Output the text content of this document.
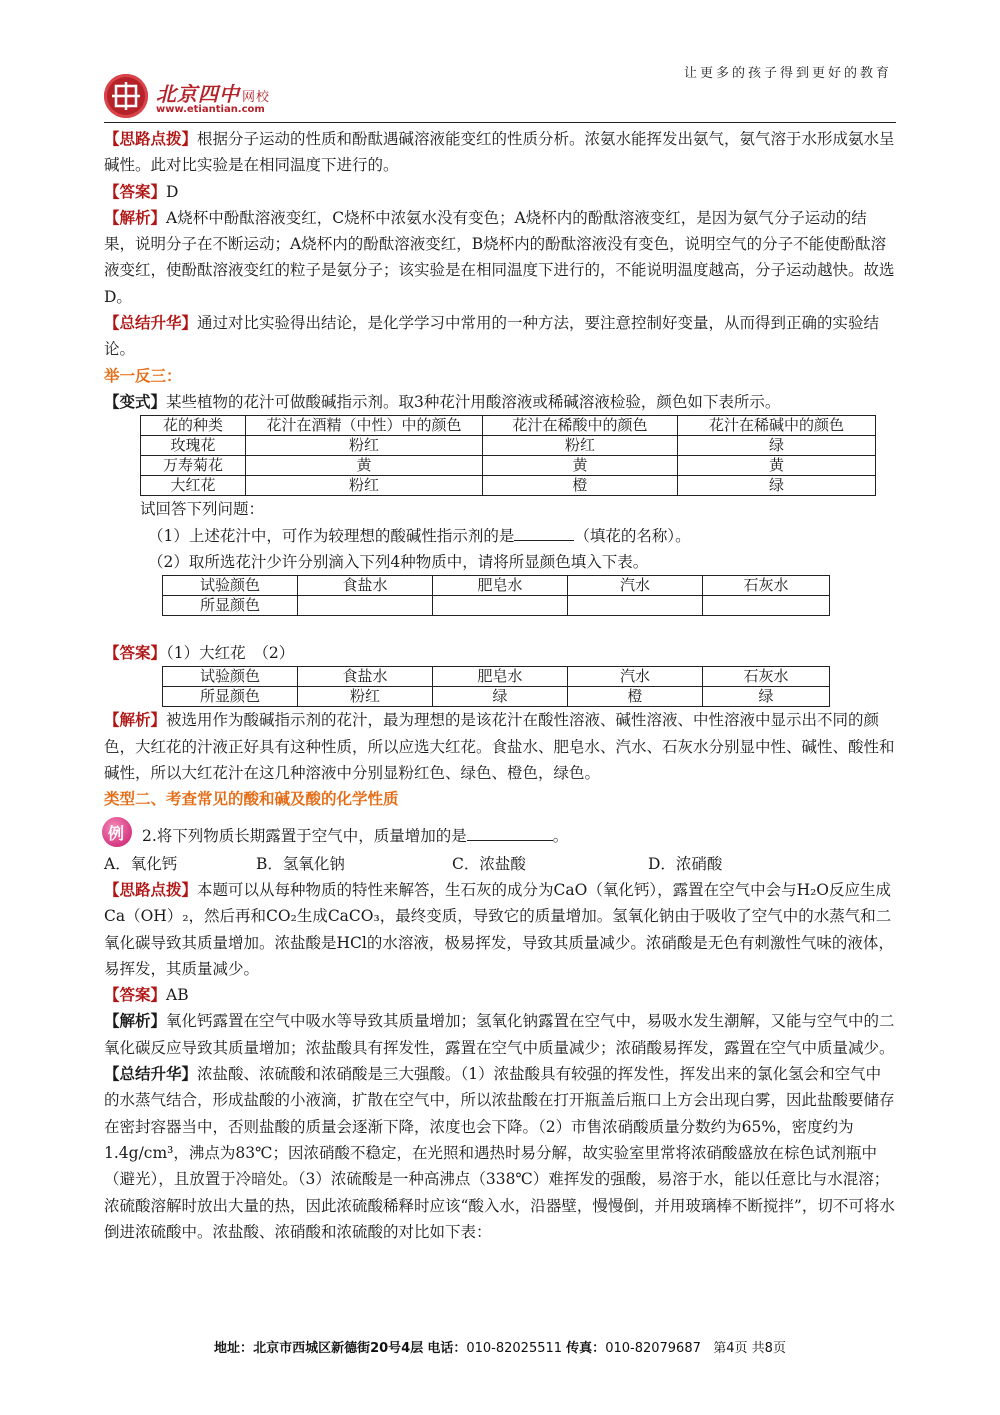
让更多的孩子得到更好的教育
北京四中 网校
www.etiantian.com

【思路点拨】根据分子运动的性质和酚酞遇碱溶液能变红的性质分析。浓氨水能挥发出氨气，氨气溶于水形成氨水呈碱性。此对比实验是在相同温度下进行的。

【答案】D

【解析】A烧杯中酚酞溶液变红，C烧杯中浓氨水没有变色；A烧杯内的酚酞溶液变红，是因为氨气分子运动的结果，说明分子在不断运动；A烧杯内的酚酞溶液变红，B烧杯内的酚酞溶液没有变色，说明空气的分子不能使酚酞溶液变红，使酚酞溶液变红的粒子是氨分子；该实验是在相同温度下进行的，不能说明温度越高，分子运动越快。故选D。

【总结升华】通过对比实验得出结论，是化学学习中常用的一种方法，要注意控制好变量，从而得到正确的实验结论。

举一反三：

【变式】某些植物的花汁可做酸碱指示剂。取3种花汁用酸溶液或稀碱溶液检验，颜色如下表所示。

花的种类	花汁在酒精（中性）中的颜色	花汁在稀酸中的颜色	花汁在稀碱中的颜色
玫瑰花	粉红	粉红	绿
万寿菊花	黄	黄	黄
大红花	粉红	橙	绿

试回答下列问题：

（1）上述花汁中，可作为较理想的酸碱性指示剂的是	（填花的名称）。

（2）取所选花汁少许分别滴入下列4种物质中，请将所显颜色填入下表。

试验颜色	食盐水	肥皂水	汽水	石灰水
所显颜色				

【答案】（1）大红花　（2）

试验颜色	食盐水	肥皂水	汽水	石灰水
所显颜色	粉红	绿	橙	绿

【解析】被选用作为酸碱指示剂的花汁，最为理想的是该花汁在酸性溶液、碱性溶液、中性溶液中显示出不同的颜色，大红花的汁液正好具有这种性质，所以应选大红花。食盐水、肥皂水、汽水、石灰水分别显中性、碱性、酸性和碱性，所以大红花汁在这几种溶液中分别显粉红色、绿色、橙色，绿色。

类型二、考查常见的酸和碱及酸的化学性质

例 2.将下列物质长期露置于空气中，质量增加的是	。

A．氧化钙	B．氢氧化钠	C．浓盐酸	D．浓硝酸

【思路点拨】本题可以从每种物质的特性来解答，生石灰的成分为CaO（氧化钙），露置在空气中会与H₂O反应生成Ca（OH）₂，然后再和CO₂生成CaCO₃，最终变质，导致它的质量增加。氢氧化钠由于吸收了空气中的水蒸气和二氧化碳导致其质量增加。浓盐酸是HCl的水溶液，极易挥发，导致其质量减少。浓硝酸是无色有刺激性气味的液体，易挥发，其质量减少。

【答案】AB

【解析】氧化钙露置在空气中吸水等导致其质量增加；氢氧化钠露置在空气中，易吸水发生潮解，又能与空气中的二氧化碳反应导致其质量增加；浓盐酸具有挥发性，露置在空气中质量减少；浓硝酸易挥发，露置在空气中质量减少。

【总结升华】浓盐酸、浓硫酸和浓硝酸是三大强酸。（1）浓盐酸具有较强的挥发性，挥发出来的氯化氢会和空气中的水蒸气结合，形成盐酸的小液滴，扩散在空气中，所以浓盐酸在打开瓶盖后瓶口上方会出现白雾，因此盐酸要储存在密封容器当中，否则盐酸的质量会逐渐下降，浓度也会下降。（2）市售浓硝酸质量分数约为65%，密度约为1.4g/cm³，沸点为83℃；因浓硝酸不稳定，在光照和遇热时易分解，故实验室里常将浓硝酸盛放在棕色试剂瓶中（避光），且放置于冷暗处。（3）浓硫酸是一种高沸点（338℃）难挥发的强酸，易溶于水，能以任意比与水混溶；浓硫酸溶解时放出大量的热，因此浓硫酸稀释时应该“酸入水，沿器壁，慢慢倒，并用玻璃棒不断搅拌”，切不可将水倒进浓硫酸中。浓盐酸、浓硝酸和浓硫酸的对比如下表：

地址：北京市西城区新德街20号4层 电话：010-82025511 传真：010-82079687 第4页 共8页
